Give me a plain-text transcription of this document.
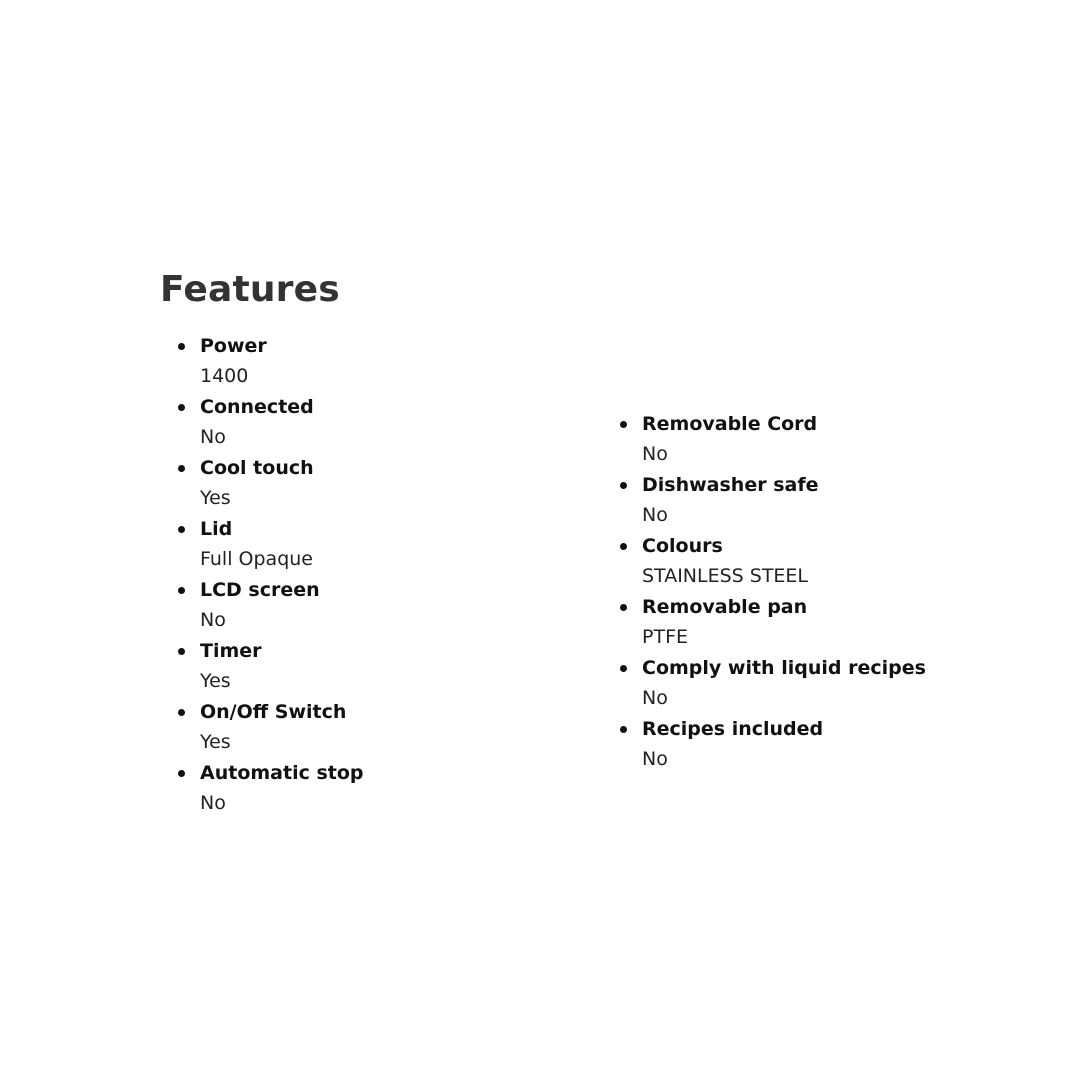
Features
Power
1400
Connected
No
Cool touch
Yes
Lid
Full Opaque
LCD screen
No
Timer
Yes
On/Off Switch
Yes
Automatic stop
No
Removable Cord
No
Dishwasher safe
No
Colours
STAINLESS STEEL
Removable pan
PTFE
Comply with liquid recipes
No
Recipes included
No
